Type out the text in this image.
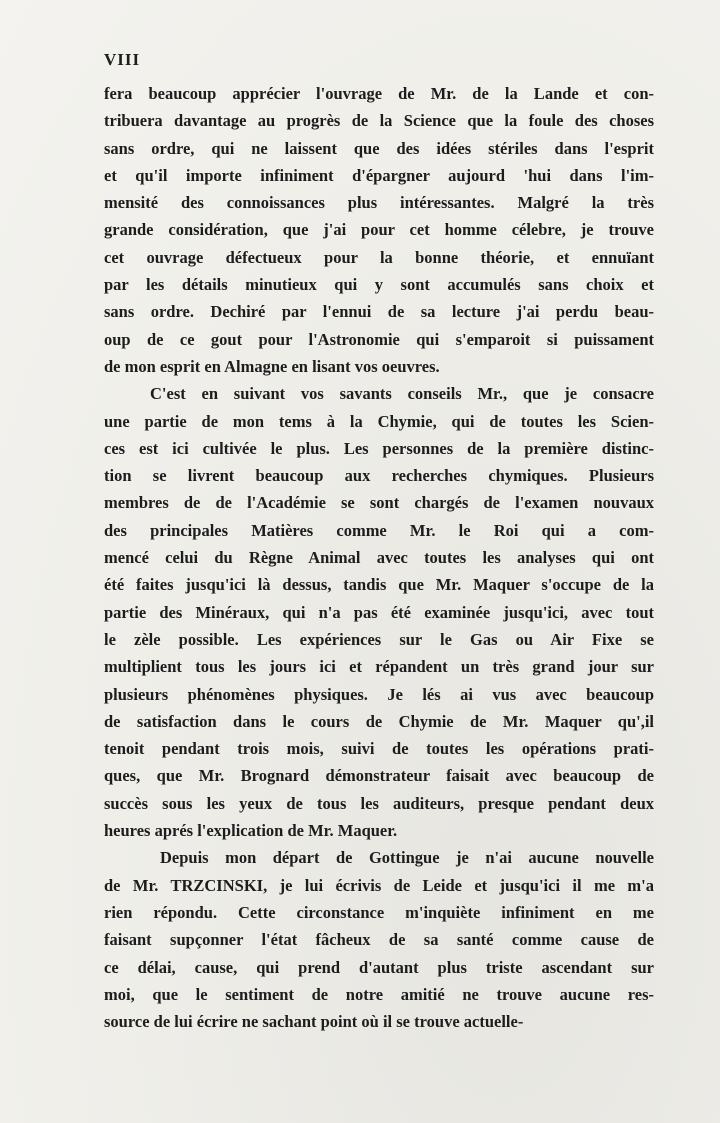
VIII
fera beaucoup apprécier l'ouvrage de Mr. de la Lande et con-
tribuera davantage au progrès de la Science que la foule des choses
sans ordre, qui ne laissent que des idées stériles dans l'esprit
et qu'il importe infiniment d'épargner aujourd 'hui dans l'im-
mensité des connoissances plus intéressantes. Malgré la très
grande considération, que j'ai pour cet homme célebre, je trouve
cet ouvrage défectueux pour la bonne théorie, et ennuïant
par les détails minutieux qui y sont accumulés sans choix et
sans ordre. Dechiré par l'ennui de sa lecture j'ai perdu beau-
oup de ce gout pour l'Astronomie qui s'emparoit si puissament
de mon esprit en Almagne en lisant vos oeuvres.
C'est en suivant vos savants conseils Mr., que je consacre
une partie de mon tems à la Chymie, qui de toutes les Scien-
ces est ici cultivée le plus. Les personnes de la première distinc-
tion se livrent beaucoup aux recherches chymiques. Plusieurs
membres de de l'Académie se sont chargés de l'examen nouvaux
des principales Matières comme Mr. le Roi qui a com-
mencé celui du Règne Animal avec toutes les analyses qui ont
été faites jusqu'ici là dessus, tandis que Mr. Maquer s'occupe de la
partie des Minéraux, qui n'a pas été examinée jusqu'ici, avec tout
le zèle possible. Les expériences sur le Gas ou Air Fixe se
multiplient tous les jours ici et répandent un très grand jour sur
plusieurs phénomènes physiques. Je lés ai vus avec beaucoup
de satisfaction dans le cours de Chymie de Mr. Maquer qu',il
tenoit pendant trois mois, suivi de toutes les opérations prati-
ques, que Mr. Brognard démonstrateur faisait avec beaucoup de
succès sous les yeux de tous les auditeurs, presque pendant deux
heures aprés l'explication de Mr. Maquer.
Depuis mon départ de Gottingue je n'ai aucune nouvelle
de Mr. TRZCINSKI, je lui écrivis de Leide et jusqu'ici il me m'a
rien répondu. Cette circonstance m'inquiète infiniment en me
faisant supçonner l'état fâcheux de sa santé comme cause de
ce délai, cause, qui prend d'autant plus triste ascendant sur
moi, que le sentiment de notre amitié ne trouve aucune res-
source de lui écrire ne sachant point où il se trouve actuelle-
